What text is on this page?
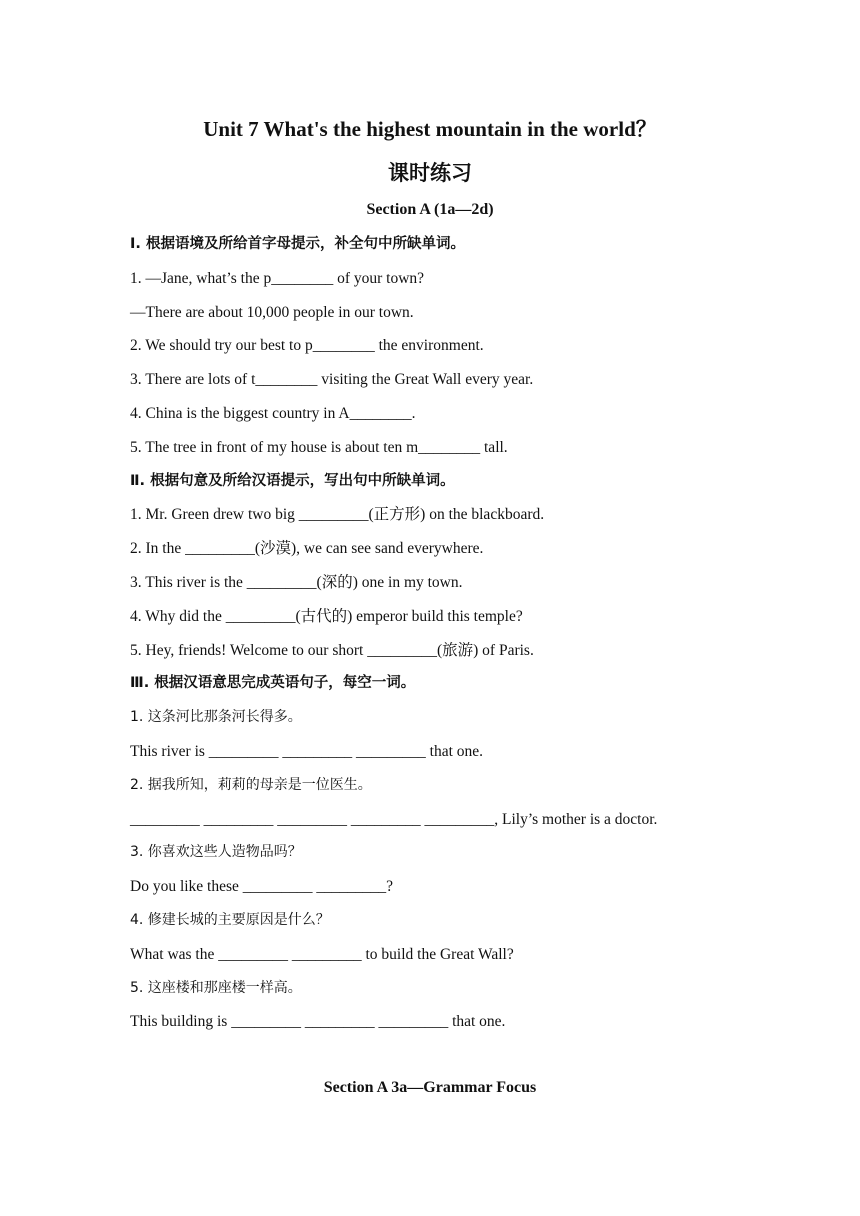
Unit 7 What's the highest mountain in the world？
课时练习
Section A (1a—2d)
Ⅰ. 根据语境及所给首字母提示，补全句中所缺单词。
1. —Jane, what’s the p________ of your town?
—There are about 10,000 people in our town.
2. We should try our best to p________ the environment.
3. There are lots of t________ visiting the Great Wall every year.
4. China is the biggest country in A________.
5. The tree in front of my house is about ten m________ tall.
Ⅱ. 根据句意及所给汉语提示，写出句中所缺单词。
1. Mr. Green drew two big _________(正方形) on the blackboard.
2. In the _________(沙漠), we can see sand everywhere.
3. This river is the _________(深的) one in my town.
4. Why did the _________(古代的) emperor build this temple?
5. Hey, friends! Welcome to our short _________(旅游) of Paris.
Ⅲ. 根据汉语意思完成英语句子，每空一词。
1. 这条河比那条河长得多。
This river is _________ _________ _________ that one.
2. 据我所知，莉莉的母亲是一位医生。
_________ _________ _________ _________ _________, Lily’s mother is a doctor.
3. 你喜欢这些人造物品吗？
Do you like these _________ _________?
4. 修建长城的主要原因是什么？
What was the _________ _________ to build the Great Wall?
5. 这座楼和那座楼一样高。
This building is _________ _________ _________ that one.
Section A 3a—Grammar Focus
